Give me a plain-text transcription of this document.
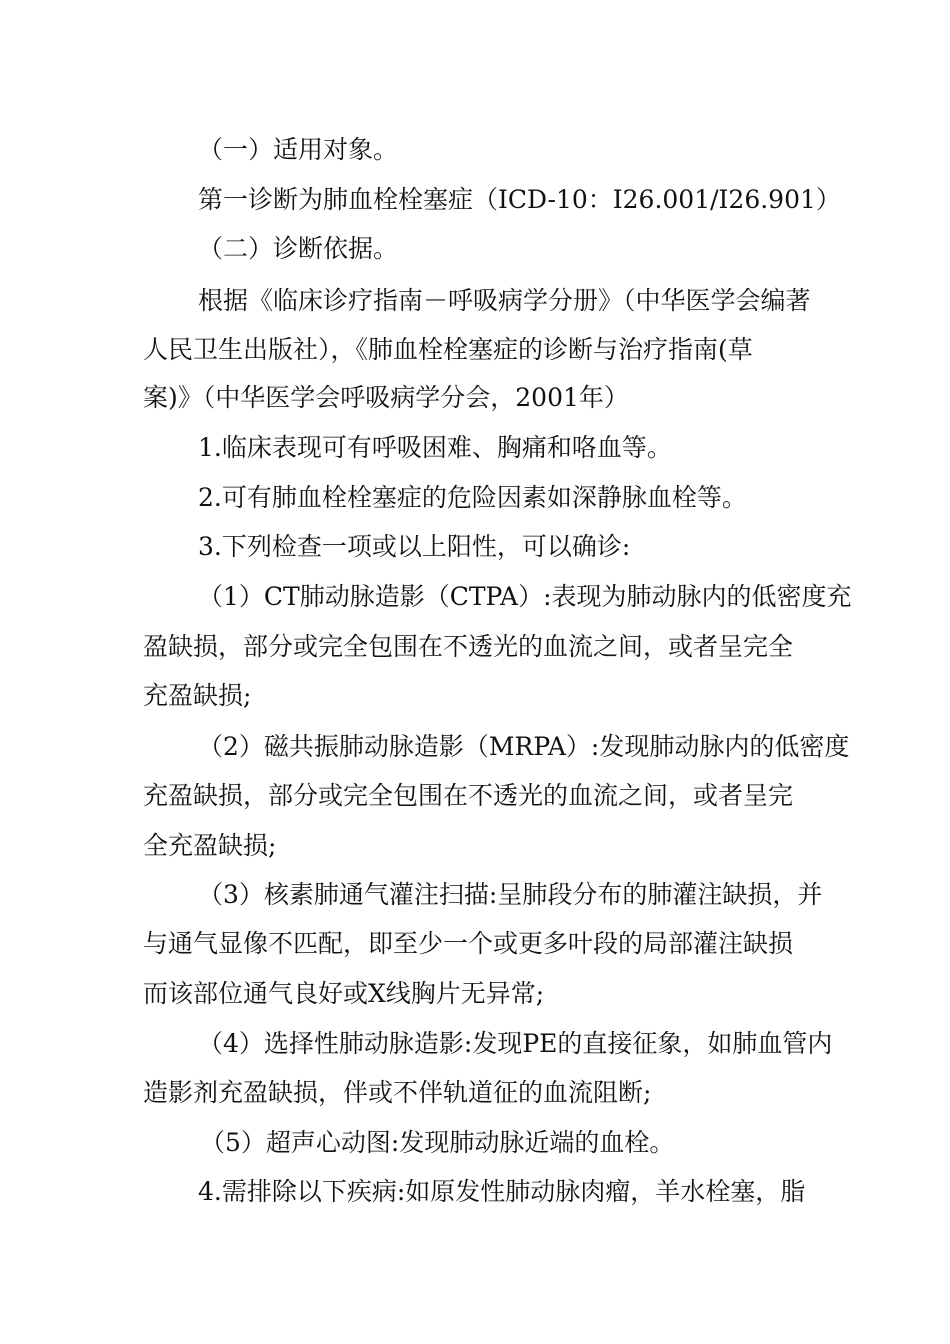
（一）适用对象。
第一诊断为肺血栓栓塞症（ICD-10：I26.001/I26.901）
（二）诊断依据。
根据《临床诊疗指南－呼吸病学分册》（中华医学会编著
人民卫生出版社），《肺血栓栓塞症的诊断与治疗指南(草
案)》（中华医学会呼吸病学分会，2001年）
1.临床表现可有呼吸困难、胸痛和咯血等。
2.可有肺血栓栓塞症的危险因素如深静脉血栓等。
3.下列检查一项或以上阳性，可以确诊:
（1）CT肺动脉造影（CTPA）:表现为肺动脉内的低密度充
盈缺损，部分或完全包围在不透光的血流之间，或者呈完全
充盈缺损;
（2）磁共振肺动脉造影（MRPA）:发现肺动脉内的低密度
充盈缺损，部分或完全包围在不透光的血流之间，或者呈完
全充盈缺损;
（3）核素肺通气灌注扫描:呈肺段分布的肺灌注缺损，并
与通气显像不匹配，即至少一个或更多叶段的局部灌注缺损
而该部位通气良好或X线胸片无异常;
（4）选择性肺动脉造影:发现PE的直接征象，如肺血管内
造影剂充盈缺损，伴或不伴轨道征的血流阻断;
（5）超声心动图:发现肺动脉近端的血栓。
4.需排除以下疾病:如原发性肺动脉肉瘤，羊水栓塞，脂
